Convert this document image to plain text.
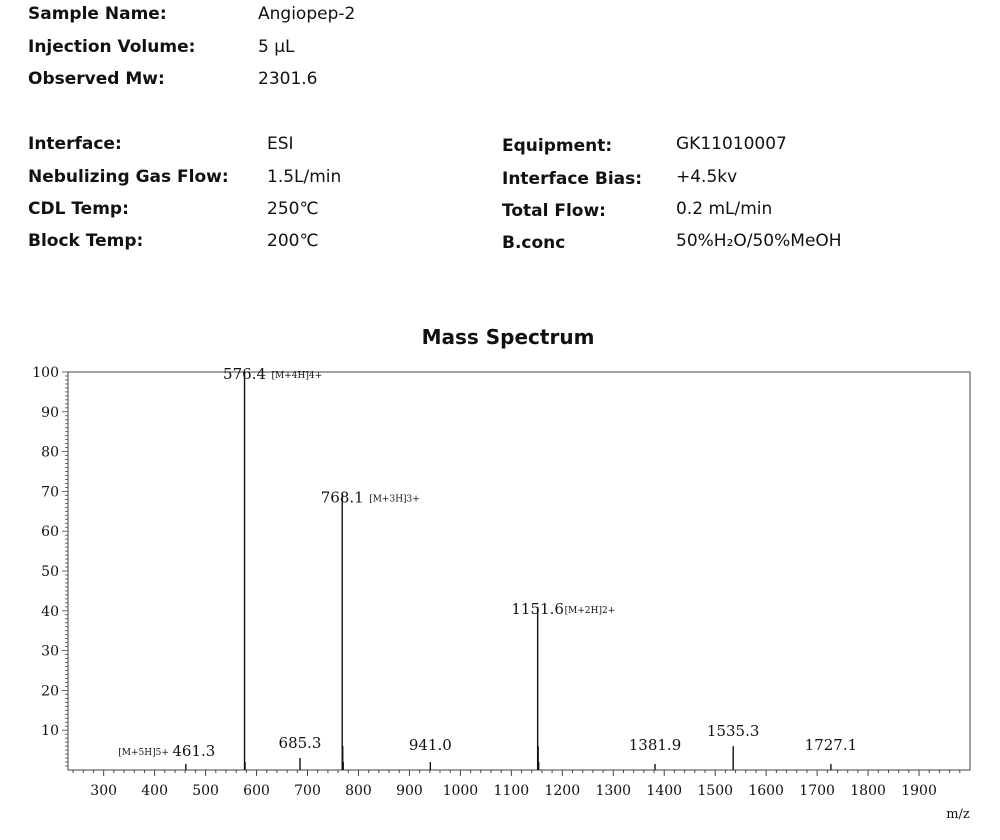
Sample Name:	Angiopep-2
Injection Volume:	5 μL
Observed Mw:	2301.6
Interface:	ESI
Nebulizing Gas Flow: 1.5L/min
CDL Temp:	250℃
Block Temp:	200℃
Equipment:	GK11010007
Interface Bias: +4.5kv
Total Flow:	0.2 mL/min
B.conc	50%H₂O/50%MeOH
Mass Spectrum
300 400 500 600 700 800 900 1000 1100 1200 1300 1400 1500 1600 1700 1800 1900
10
20
30
40
50
60
70
80
90
100
461.3
[M+5H]5+
576.4 [M+4H]4+
685.3
768.1 [M+3H]3+
941.0
1151.6 [M+2H]2+
1381.9
1535.3
1727.1
m/z
